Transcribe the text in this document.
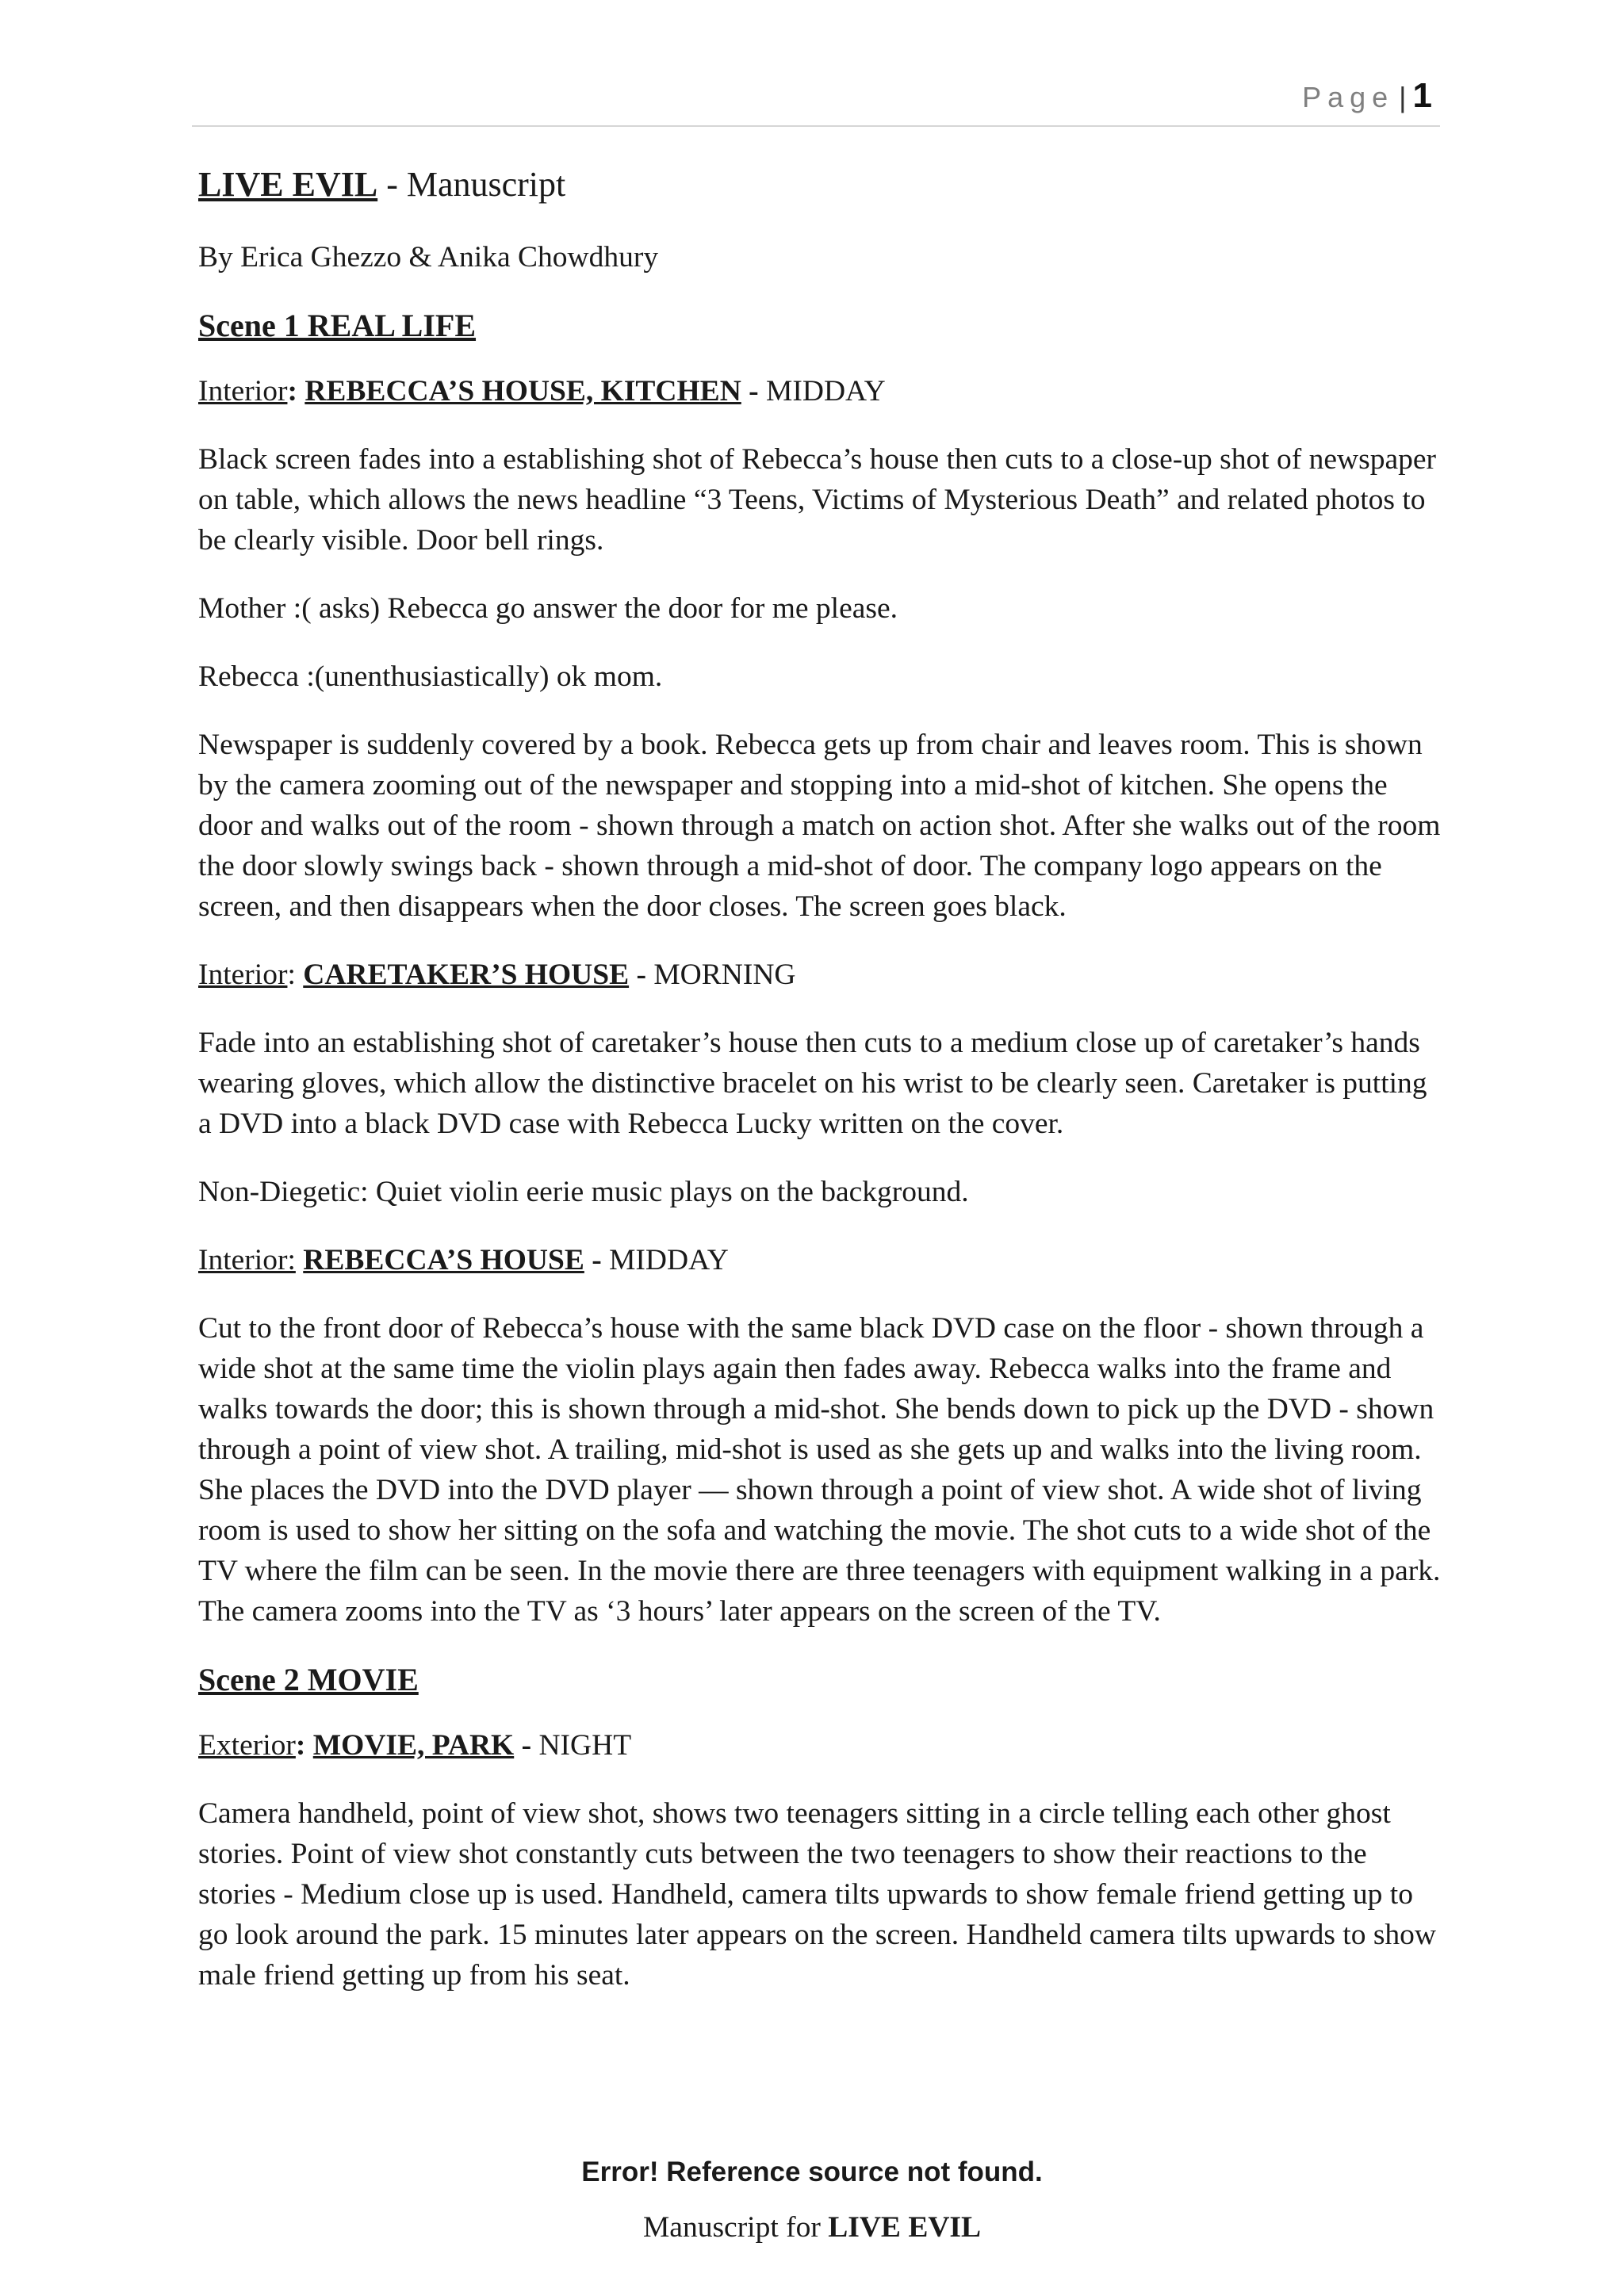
Page | 1

LIVE EVIL - Manuscript

By Erica Ghezzo & Anika Chowdhury

Scene 1 REAL LIFE

Interior: REBECCA’S HOUSE, KITCHEN - MIDDAY

Black screen fades into a establishing shot of Rebecca’s house then cuts to a close-up shot of newspaper on table, which allows the news headline “3 Teens, Victims of Mysterious Death” and related photos to be clearly visible. Door bell rings.

Mother :( asks) Rebecca go answer the door for me please.

Rebecca :(unenthusiastically) ok mom.

Newspaper is suddenly covered by a book. Rebecca gets up from chair and leaves room. This is shown by the camera zooming out of the newspaper and stopping into a mid-shot of kitchen. She opens the door and walks out of the room - shown through a match on action shot. After she walks out of the room the door slowly swings back - shown through a mid-shot of door. The company logo appears on the screen, and then disappears when the door closes. The screen goes black.

Interior: CARETAKER’S HOUSE - MORNING

Fade into an establishing shot of caretaker’s house then cuts to a medium close up of caretaker’s hands wearing gloves, which allow the distinctive bracelet on his wrist to be clearly seen. Caretaker is putting a DVD into a black DVD case with Rebecca Lucky written on the cover.

Non-Diegetic: Quiet violin eerie music plays on the background.

Interior: REBECCA’S HOUSE - MIDDAY

Cut to the front door of Rebecca’s house with the same black DVD case on the floor - shown through a wide shot at the same time the violin plays again then fades away. Rebecca walks into the frame and walks towards the door; this is shown through a mid-shot. She bends down to pick up the DVD - shown through a point of view shot. A trailing, mid-shot is used as she gets up and walks into the living room. She places the DVD into the DVD player — shown through a point of view shot. A wide shot of living room is used to show her sitting on the sofa and watching the movie. The shot cuts to a wide shot of the TV where the film can be seen. In the movie there are three teenagers with equipment walking in a park. The camera zooms into the TV as ‘3 hours’ later appears on the screen of the TV.

Scene 2 MOVIE

Exterior: MOVIE, PARK - NIGHT

Camera handheld, point of view shot, shows two teenagers sitting in a circle telling each other ghost stories. Point of view shot constantly cuts between the two teenagers to show their reactions to the stories - Medium close up is used. Handheld, camera tilts upwards to show female friend getting up to go look around the park. 15 minutes later appears on the screen. Handheld camera tilts upwards to show male friend getting up from his seat.

Error! Reference source not found.
Manuscript for LIVE EVIL
